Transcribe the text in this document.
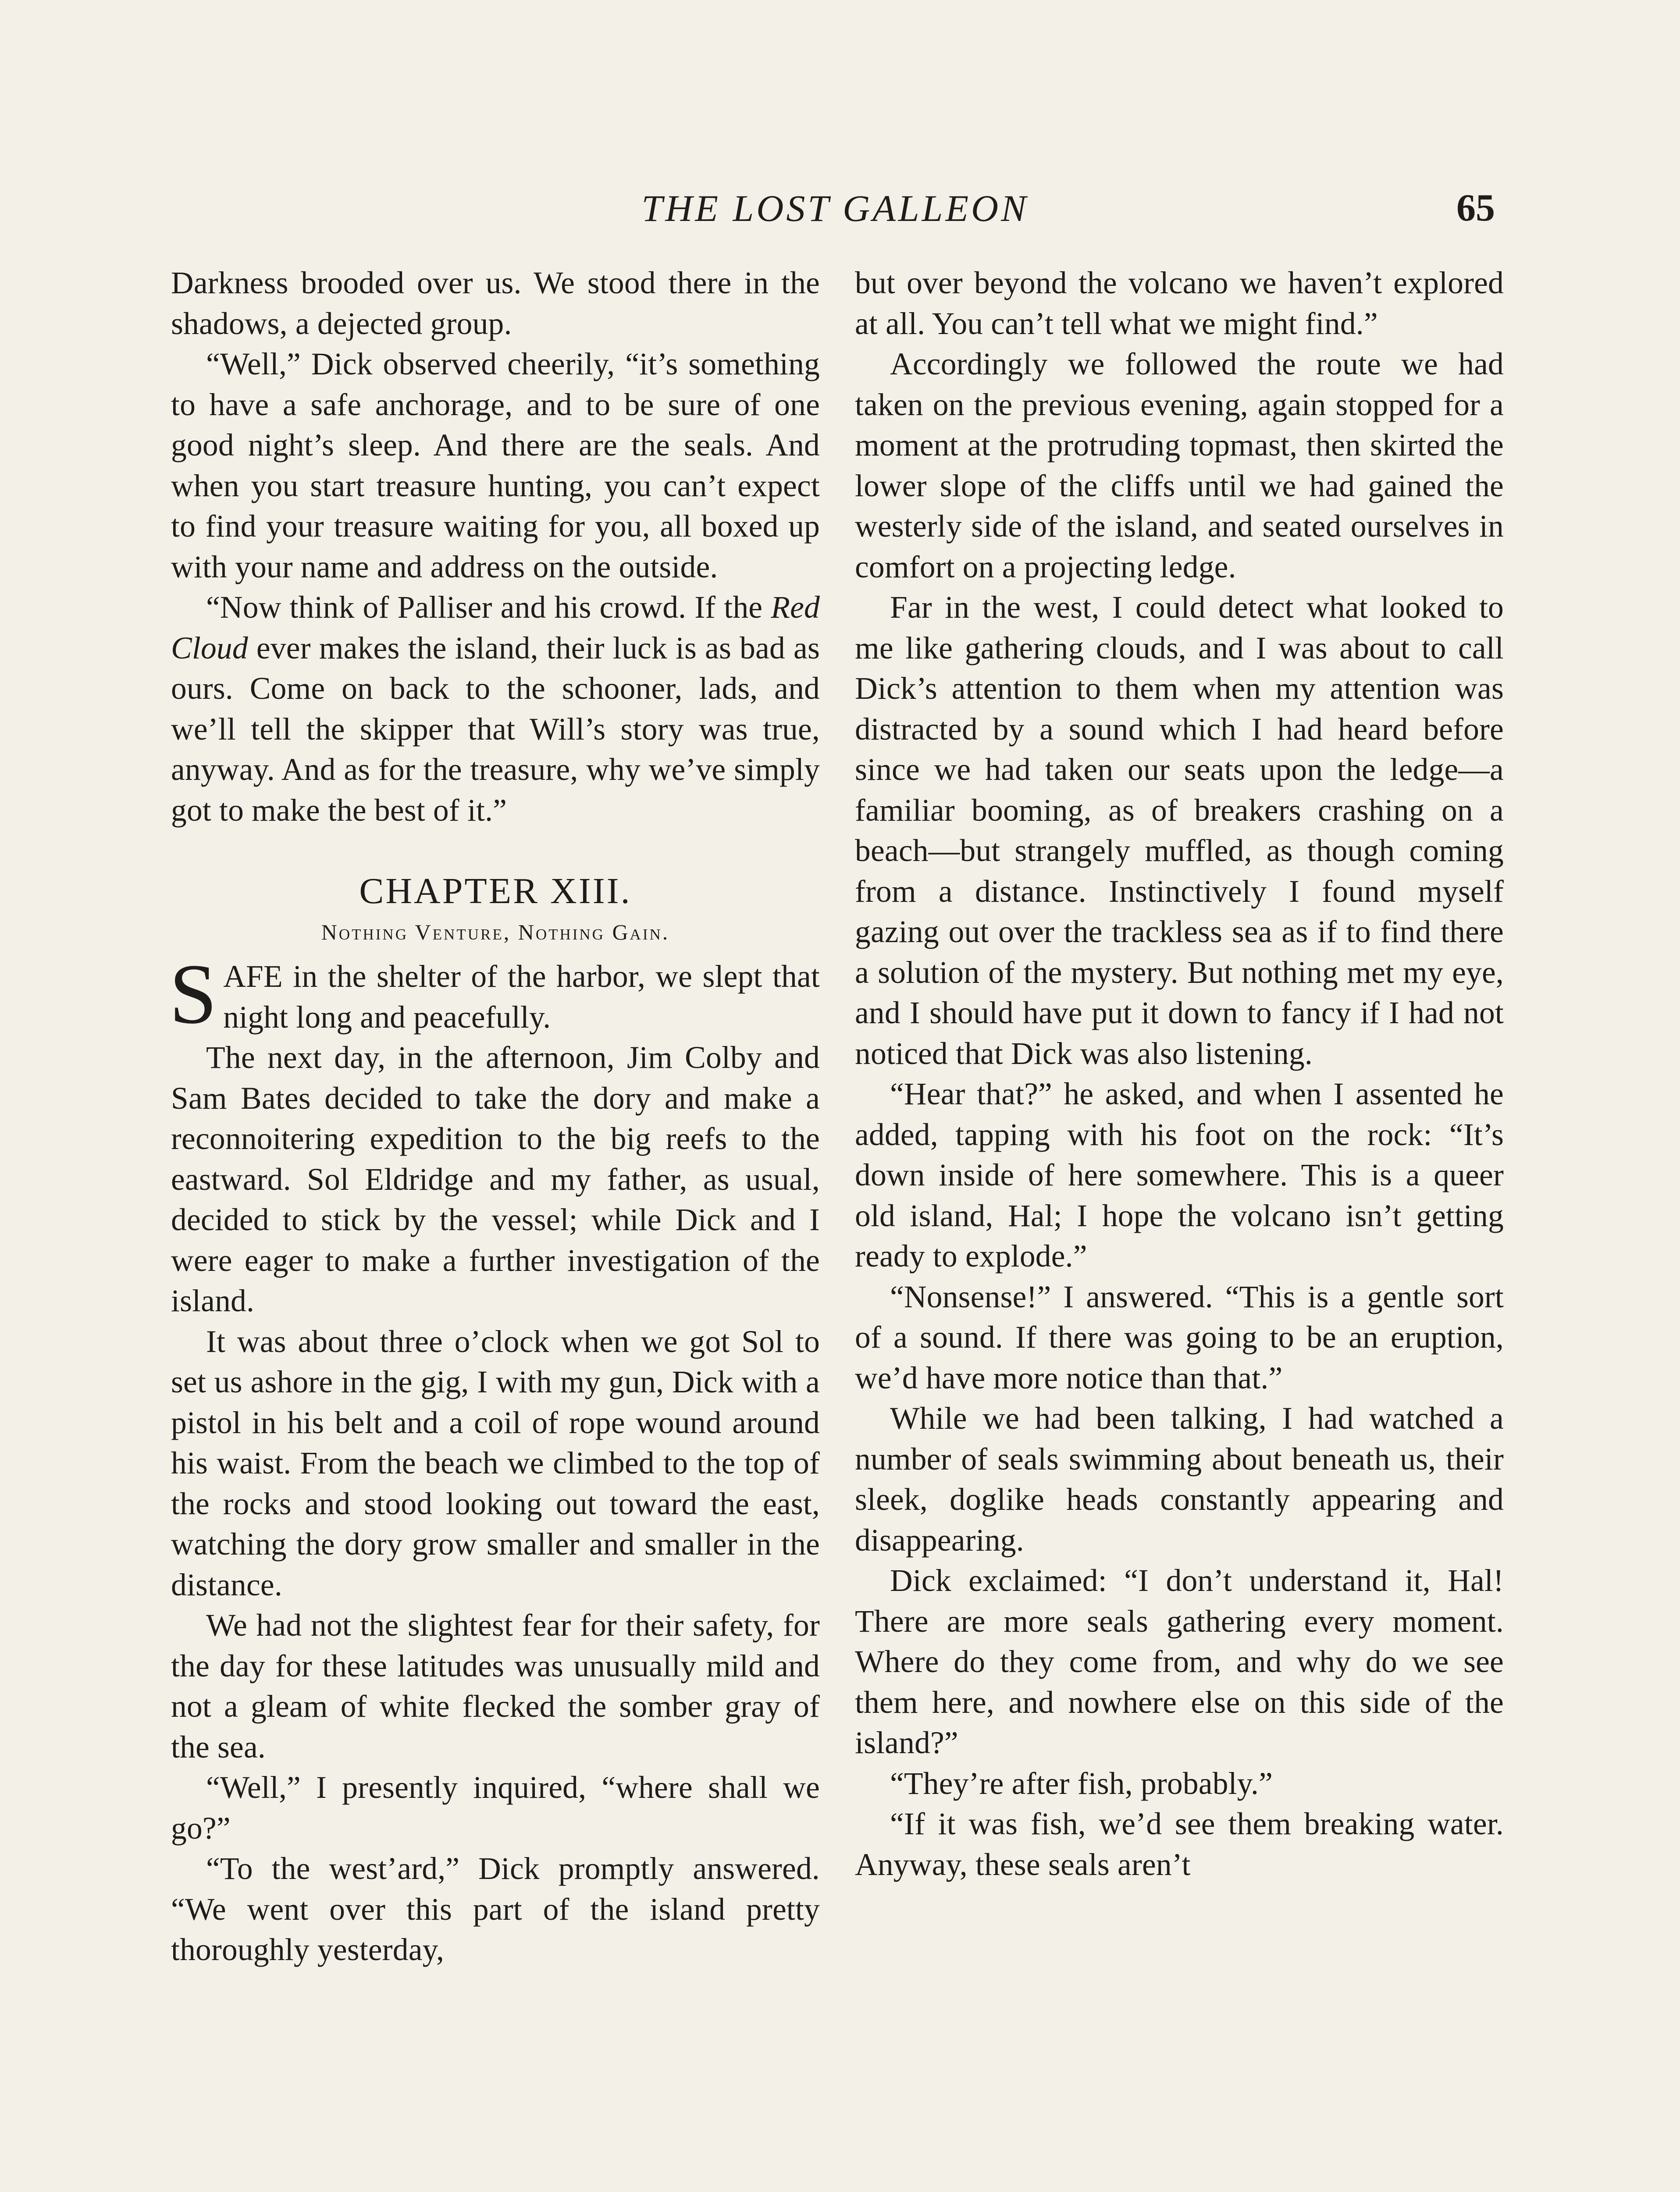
THE LOST GALLEON	65

Darkness brooded over us. We stood there in the shadows, a dejected group.

“Well,” Dick observed cheerily, “it’s something to have a safe anchorage, and to be sure of one good night’s sleep. And there are the seals. And when you start treasure hunting, you can’t expect to find your treasure waiting for you, all boxed up with your name and address on the outside.

“Now think of Palliser and his crowd. If the Red Cloud ever makes the island, their luck is as bad as ours. Come on back to the schooner, lads, and we’ll tell the skipper that Will’s story was true, anyway. And as for the treasure, why we’ve simply got to make the best of it.”

CHAPTER XIII.
Nothing Venture, Nothing Gain.

SAFE in the shelter of the harbor, we slept that night long and peacefully.

The next day, in the afternoon, Jim Colby and Sam Bates decided to take the dory and make a reconnoitering expedition to the big reefs to the eastward. Sol Eldridge and my father, as usual, decided to stick by the vessel; while Dick and I were eager to make a further investigation of the island.

It was about three o’clock when we got Sol to set us ashore in the gig, I with my gun, Dick with a pistol in his belt and a coil of rope wound around his waist. From the beach we climbed to the top of the rocks and stood looking out toward the east, watching the dory grow smaller and smaller in the distance.

We had not the slightest fear for their safety, for the day for these latitudes was unusually mild and not a gleam of white flecked the somber gray of the sea.

“Well,” I presently inquired, “where shall we go?”

“To the west’ard,” Dick promptly answered. “We went over this part of the island pretty thoroughly yesterday,

but over beyond the volcano we haven’t explored at all. You can’t tell what we might find.”

Accordingly we followed the route we had taken on the previous evening, again stopped for a moment at the protruding topmast, then skirted the lower slope of the cliffs until we had gained the westerly side of the island, and seated ourselves in comfort on a projecting ledge.

Far in the west, I could detect what looked to me like gathering clouds, and I was about to call Dick’s attention to them when my attention was distracted by a sound which I had heard before since we had taken our seats upon the ledge—a familiar booming, as of breakers crashing on a beach—but strangely muffled, as though coming from a distance. Instinctively I found myself gazing out over the trackless sea as if to find there a solution of the mystery. But nothing met my eye, and I should have put it down to fancy if I had not noticed that Dick was also listening.

“Hear that?” he asked, and when I assented he added, tapping with his foot on the rock: “It’s down inside of here somewhere. This is a queer old island, Hal; I hope the volcano isn’t getting ready to explode.”

“Nonsense!” I answered. “This is a gentle sort of a sound. If there was going to be an eruption, we’d have more notice than that.”

While we had been talking, I had watched a number of seals swimming about beneath us, their sleek, doglike heads constantly appearing and disappearing.

Dick exclaimed: “I don’t understand it, Hal! There are more seals gathering every moment. Where do they come from, and why do we see them here, and nowhere else on this side of the island?”

“They’re after fish, probably.”

“If it was fish, we’d see them breaking water. Anyway, these seals aren’t
